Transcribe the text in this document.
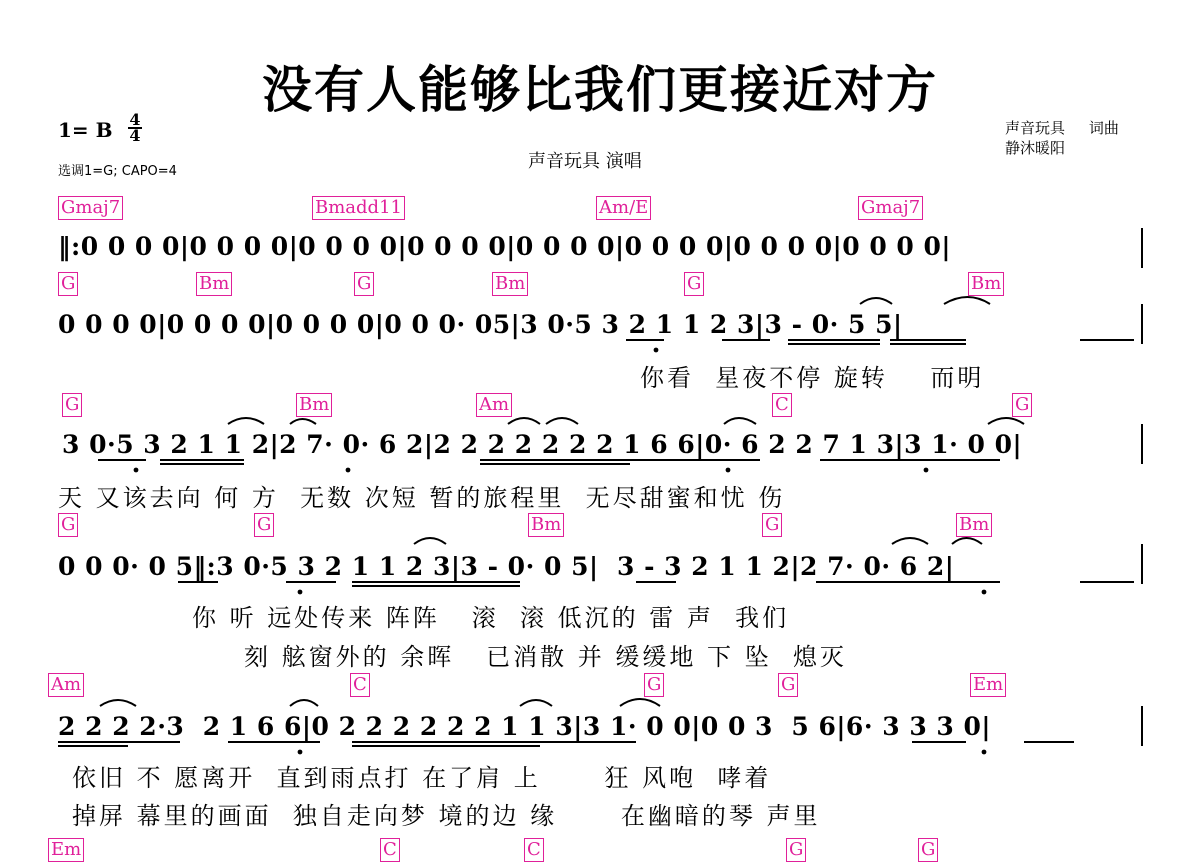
没有人能够比我们更接近对方
1= B 4
4
选调1=G; CAPO=4	声音玩具 演唱
声音玩具 词曲
静沐暖阳
Gmaj7	Bmadd11	Am/E	Gmaj7
‖:0 0 0 0|0 0 0 0|0 0 0 0|0 0 0 0|0 0 0 0|0 0 0 0|0 0 0 0|0 0 0 0|
G	Bm	G	Bm	G	Bm
0 0 0 0|0 0 0 0|0 0 0 0|0 0 0· 05|3 0·5 3 2 1 1 2 3|3 - 0· 5 5|
你看  星夜不停 旋转    而明
G	Bm	Am	C	G
3 0·5 3 2 1 1 2|2 7· 0· 6 2|2 2 2 2 2 2 2 1 6 6|0· 6 2 2 7 1 3|3 1· 0 0|
天 又该去向 何 方  无数 次短 暂的旅程里  无尽甜蜜和忧 伤
G	G	Bm	G	Bm
0 0 0· 0 5‖:3 0·5 3 2 1 1 2 3|3 - 0· 0 5|  3 - 3 2 1 1 2|2 7· 0· 6 2|
你 听 远处传来 阵阵   滚  滚 低沉的 雷 声  我们
刻 舷窗外的 余晖   已消散 并 缓缓地 下 坠  熄灭
Am	C	G	G	Em
2 2 2 2·3  2 1 6 6|0 2 2 2 2 2 2 1 1 3|3 1· 0 0|0 0 3  5 6|6· 3 3 3 0|
依旧 不 愿离开  直到雨点打 在了肩 上      狂 风咆  哮着
掉屏 幕里的画面  独自走向梦 境的边 缘      在幽暗的琴 声里
Em	C	C	G	G
